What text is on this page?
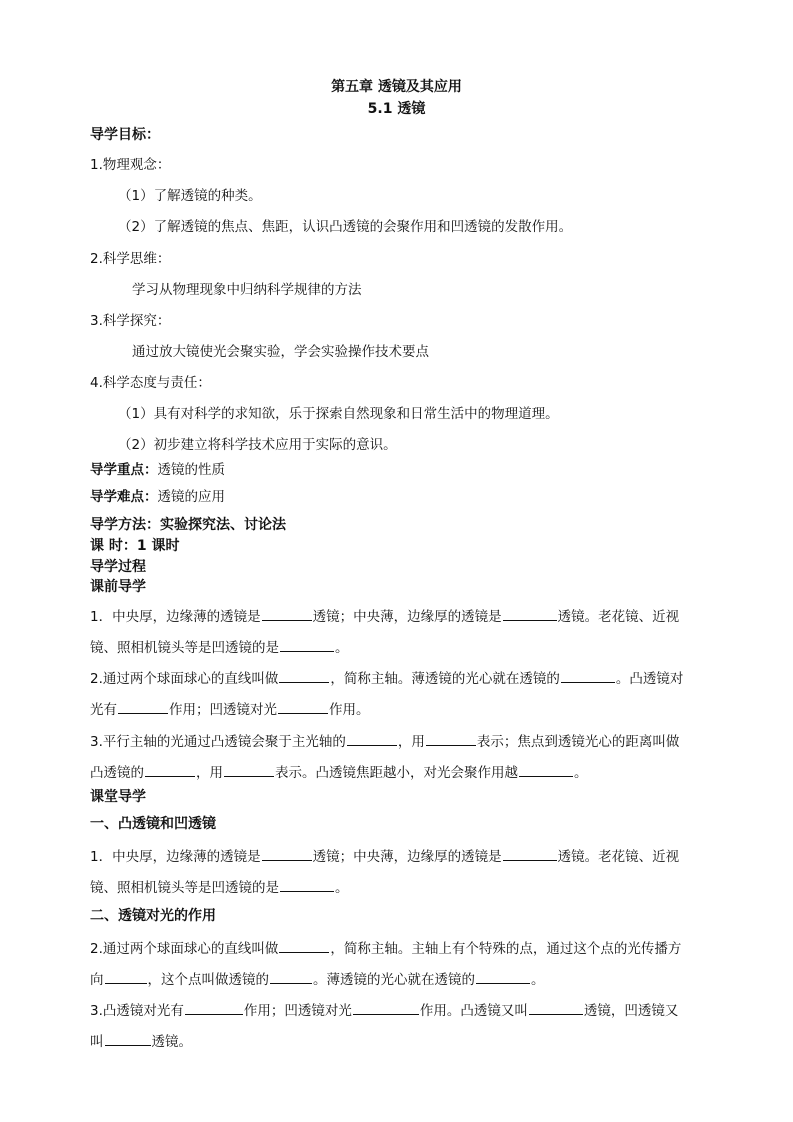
第五章 透镜及其应用
5.1 透镜
导学目标：
1.物理观念：
（1）了解透镜的种类。
（2）了解透镜的焦点、焦距，认识凸透镜的会聚作用和凹透镜的发散作用。
2.科学思维：
学习从物理现象中归纳科学规律的方法
3.科学探究：
通过放大镜使光会聚实验，学会实验操作技术要点
4.科学态度与责任：
（1）具有对科学的求知欲，乐于探索自然现象和日常生活中的物理道理。
（2）初步建立将科学技术应用于实际的意识。
导学重点：透镜的性质
导学难点：透镜的应用
导学方法：实验探究法、讨论法
课 时：1 课时
导学过程
课前导学
1．中央厚，边缘薄的透镜是	透镜；中央薄，边缘厚的透镜是	透镜。老花镜、近视
镜、照相机镜头等是凹透镜的是	。
2.通过两个球面球心的直线叫做	，简称主轴。薄透镜的光心就在透镜的	。凸透镜对
光有	作用；凹透镜对光	作用。
3.平行主轴的光通过凸透镜会聚于主光轴的	，用	表示；焦点到透镜光心的距离叫做
凸透镜的	，用	表示。凸透镜焦距越小，对光会聚作用越	。
课堂导学
一、凸透镜和凹透镜
1．中央厚，边缘薄的透镜是	透镜；中央薄，边缘厚的透镜是	透镜。老花镜、近视
镜、照相机镜头等是凹透镜的是	。
二、透镜对光的作用
2.通过两个球面球心的直线叫做	，简称主轴。主轴上有个特殊的点，通过这个点的光传播方
向	，这个点叫做透镜的	。薄透镜的光心就在透镜的	。
3.凸透镜对光有	作用；凹透镜对光	作用。凸透镜又叫	透镜，凹透镜又
叫	透镜。
